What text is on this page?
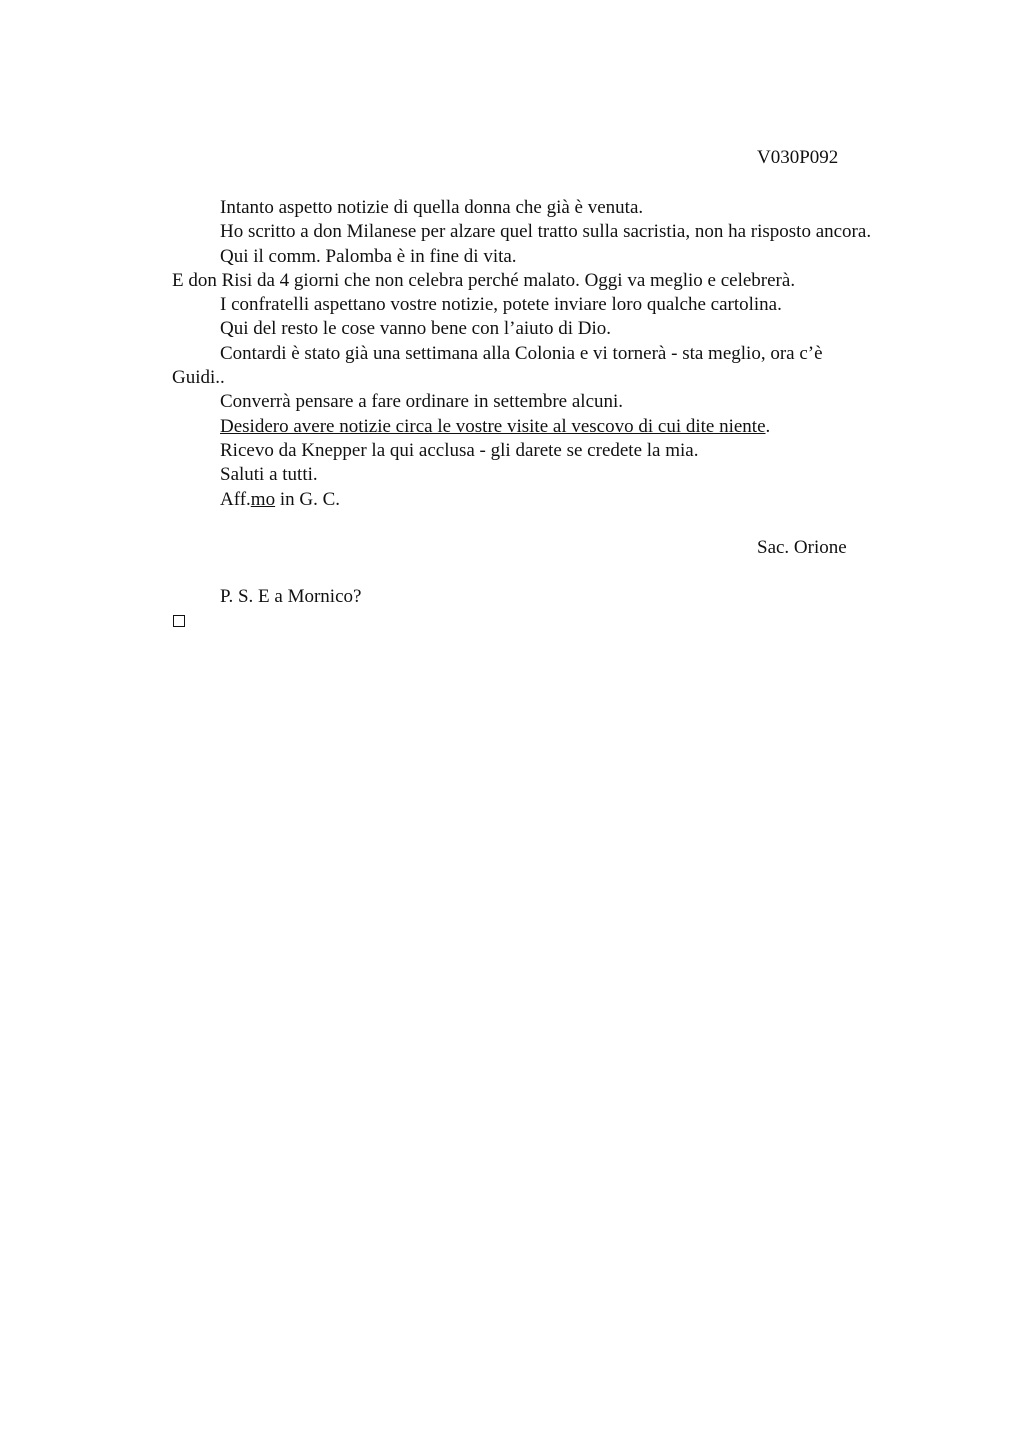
V030P092
Intanto aspetto notizie di quella donna che già è venuta.
Ho scritto a don Milanese per alzare quel tratto sulla sacristia, non ha risposto ancora.
Qui il comm. Palomba è in fine di vita.
E don Risi da 4 giorni che non celebra perché malato. Oggi va meglio e celebrerà.
I confratelli aspettano vostre notizie, potete inviare loro qualche cartolina.
Qui del resto le cose vanno bene con l’aiuto di Dio.
Contardi è stato già una settimana alla Colonia e vi tornerà - sta meglio, ora c’è
Guidi..
Converrà pensare a fare ordinare in settembre alcuni.
Desidero avere notizie circa le vostre visite al vescovo di cui dite niente.
Ricevo da Knepper la qui acclusa - gli darete se credete la mia.
Saluti a tutti.
Aff.mo in G. C.
Sac. Orione
P. S. E a Mornico?
